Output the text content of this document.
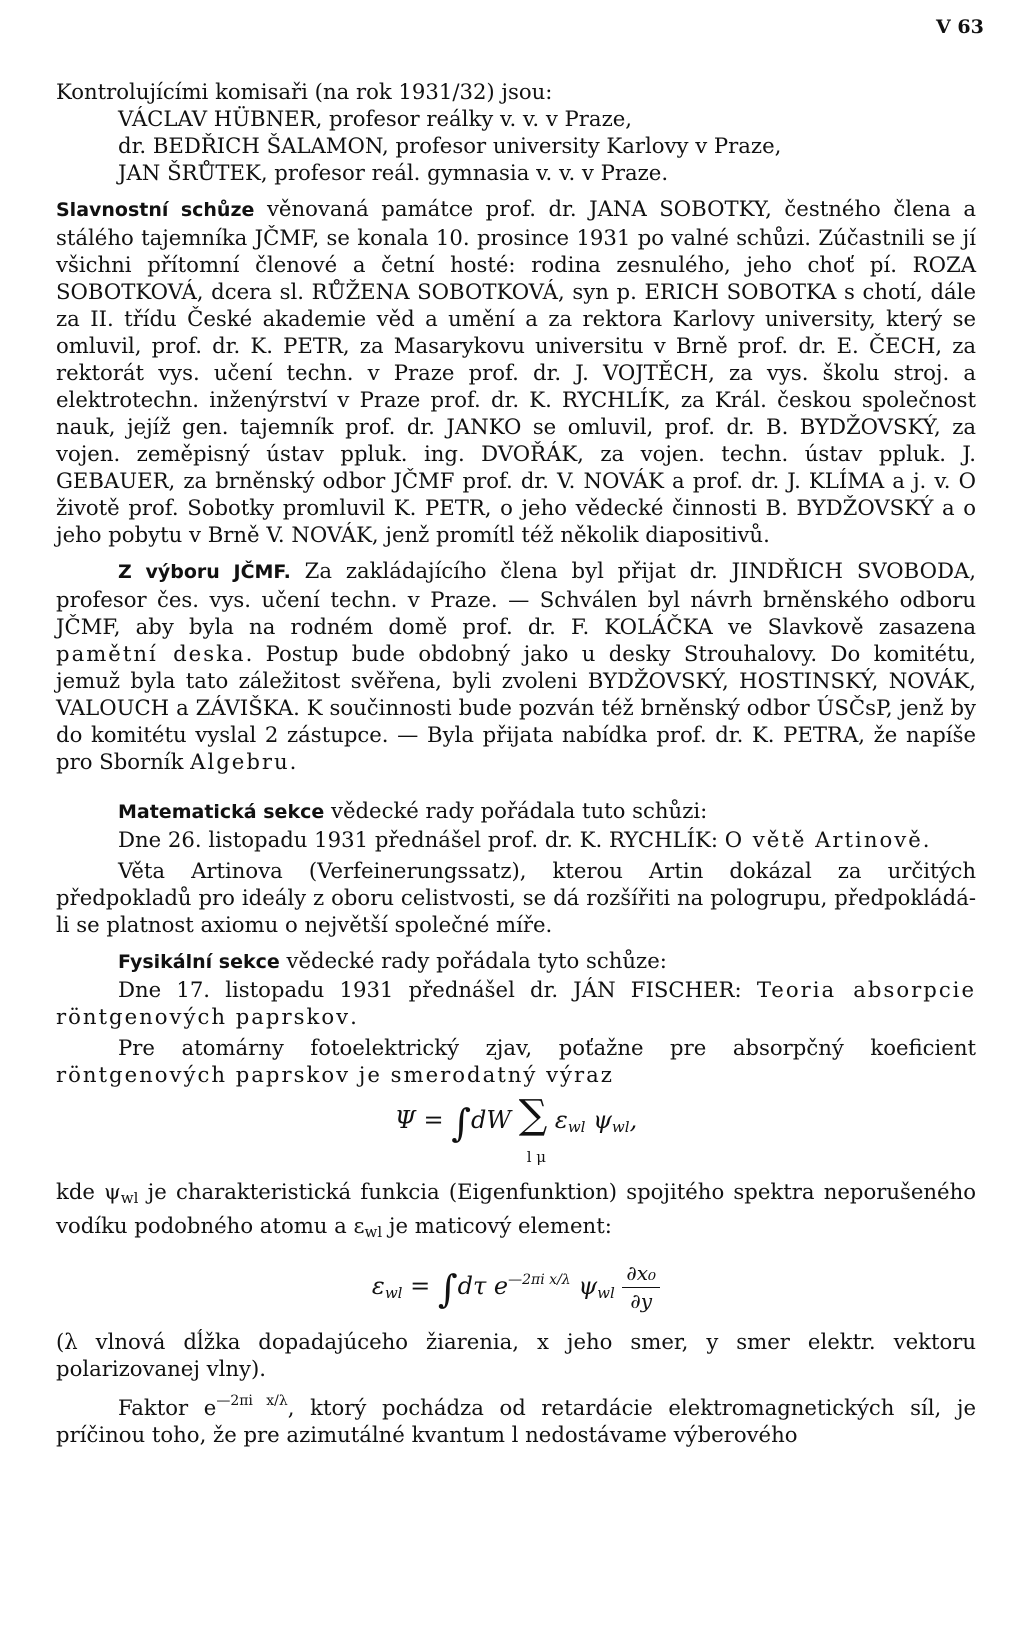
V 63

Kontrolujícími komisaři (na rok 1931/32) jsou:

VÁCLAV HÜBNER, profesor reálky v. v. v Praze,

dr. BEDŘICH ŠALAMON, profesor university Karlovy v Praze,

JAN ŠRŮTEK, profesor reál. gymnasia v. v. v Praze.

Slavnostní schůze věnovaná památce prof. dr. JANA SOBOTKY, čestného člena a stálého tajemníka JČMF, se konala 10. prosince 1931 po valné schůzi. Zúčastnili se jí všichni přítomní členové a četní hosté: rodina zesnulého, jeho choť pí. ROZA SOBOTKOVÁ, dcera sl. RŮŽENA SOBOTKOVÁ, syn p. ERICH SOBOTKA s chotí, dále za II. třídu České akademie věd a umění a za rektora Karlovy university, který se omluvil, prof. dr. K. PETR, za Masarykovu universitu v Brně prof. dr. E. ČECH, za rektorát vys. učení techn. v Praze prof. dr. J. VOJTĚCH, za vys. školu stroj. a elektrotechn. inženýrství v Praze prof. dr. K. RYCHLÍK, za Král. českou společnost nauk, jejíž gen. tajemník prof. dr. JANKO se omluvil, prof. dr. B. BYDŽOVSKÝ, za vojen. zeměpisný ústav ppluk. ing. DVOŘÁK, za vojen. techn. ústav ppluk. J. GEBAUER, za brněnský odbor JČMF prof. dr. V. NOVÁK a prof. dr. J. KLÍMA a j. v. O životě prof. Sobotky promluvil K. PETR, o jeho vědecké činnosti B. BYDŽOVSKÝ a o jeho pobytu v Brně V. NOVÁK, jenž promítl též několik diapositivů.

Z výboru JČMF. Za zakládajícího člena byl přijat dr. JINDŘICH SVOBODA, profesor čes. vys. učení techn. v Praze. — Schválen byl návrh brněnského odboru JČMF, aby byla na rodném domě prof. dr. F. KOLÁČKA ve Slavkově zasazena pamětní deska. Postup bude obdobný jako u desky Strouhalovy. Do komitétu, jemuž byla tato záležitost svěřena, byli zvoleni BYDŽOVSKÝ, HOSTINSKÝ, NOVÁK, VALOUCH a ZÁVIŠKA. K součinnosti bude pozván též brněnský odbor ÚSČsP, jenž by do komitétu vyslal 2 zástupce. — Byla přijata nabídka prof. dr. K. PETRA, že napíše pro Sborník Algebru.

Matematická sekce vědecké rady pořádala tuto schůzi:

Dne 26. listopadu 1931 přednášel prof. dr. K. RYCHLÍK: O větě Artinově.

Věta Artinova (Verfeinerungssatz), kterou Artin dokázal za určitých předpokladů pro ideály z oboru celistvosti, se dá rozšířiti na pologrupu, předpokládá-li se platnost axiomu o největší společné míře.

Fysikální sekce vědecké rady pořádala tyto schůze:

Dne 17. listopadu 1931 přednášel dr. JÁN FISCHER: Teoria absorpcie röntgenových paprskov.

Pre atomárny fotoelektrický zjav, poťažne pre absorpčný koeficient röntgenových paprskov je smerodatný výraz

Ψ = ∫dW ∑
l μ
εwl ψwl,

kde ψwl je charakteristická funkcia (Eigenfunktion) spojitého spektra neporušeného vodíku podobného atomu a εwl je maticový element:

εwl = ∫dτ $e^{—2\pi i x/\lambda}$ ψwl $\frac{\text{∂x₀}}{\partial y}$

(λ vlnová dĺžka dopadajúceho žiarenia, x jeho smer, y smer elektr. vektoru polarizovanej vlny).

Faktor $e^{—2\pi i x/\lambda}$, ktorý pochádza od retardácie elektromagnetických síl, je príčinou toho, že pre azimutálné kvantum l nedostávame výberového
